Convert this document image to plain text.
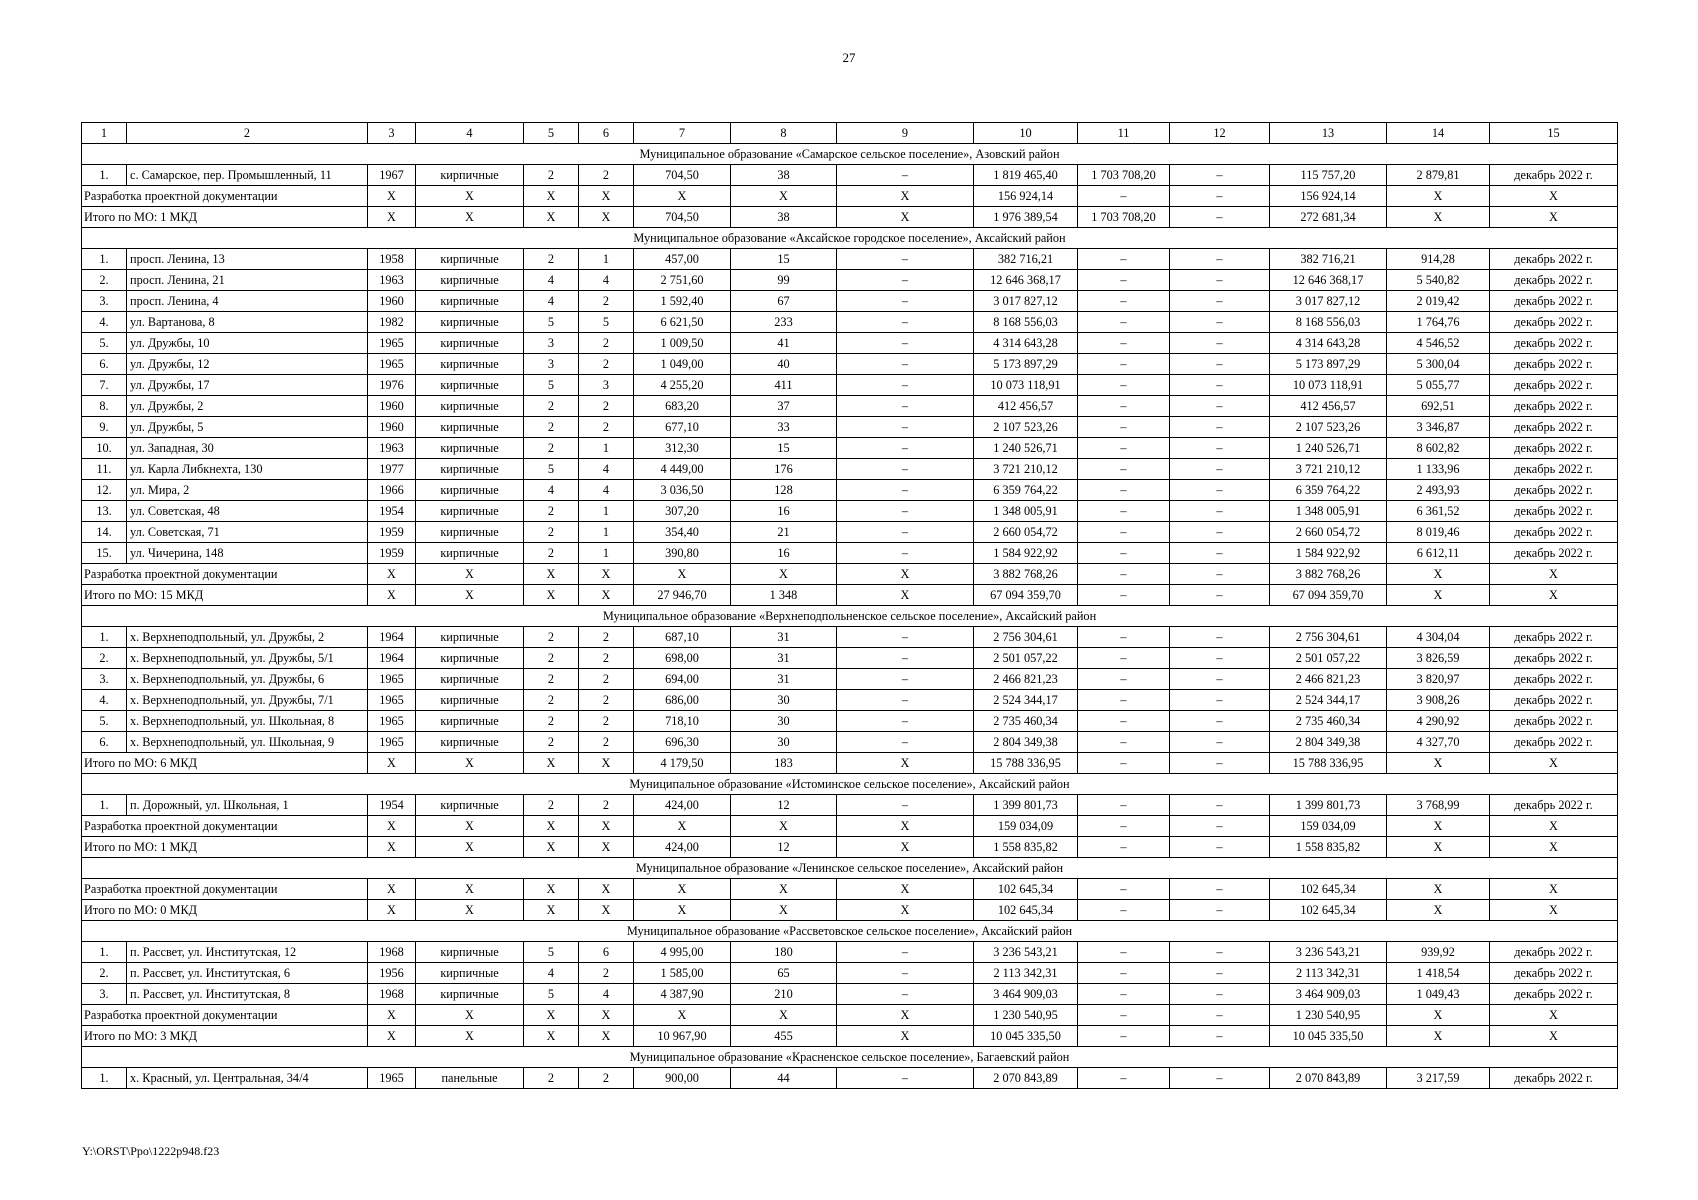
27
1	2	3	4	5	6	7	8	9	10	11	12	13	14	15
Муниципальное образование «Самарское сельское поселение», Азовский район														
1.	с. Самарское, пер. Промышленный, 11	1967	кирпичные	2	2	704,50	38	–	1 819 465,40	1 703 708,20	–	115 757,20	2 879,81	декабрь 2022 г.
Разработка проектной документации		X	X	X	X	X	X	X	156 924,14	–	–	156 924,14	X	X
Итого по МО: 1 МКД		X	X	X	X	704,50	38	X	1 976 389,54	1 703 708,20	–	272 681,34	X	X
Муниципальное образование «Аксайское городское поселение», Аксайский район														
1.	просп. Ленина, 13	1958	кирпичные	2	1	457,00	15	–	382 716,21	–	–	382 716,21	914,28	декабрь 2022 г.
2.	просп. Ленина, 21	1963	кирпичные	4	4	2 751,60	99	–	12 646 368,17	–	–	12 646 368,17	5 540,82	декабрь 2022 г.
3.	просп. Ленина, 4	1960	кирпичные	4	2	1 592,40	67	–	3 017 827,12	–	–	3 017 827,12	2 019,42	декабрь 2022 г.
4.	ул. Вартанова, 8	1982	кирпичные	5	5	6 621,50	233	–	8 168 556,03	–	–	8 168 556,03	1 764,76	декабрь 2022 г.
5.	ул. Дружбы, 10	1965	кирпичные	3	2	1 009,50	41	–	4 314 643,28	–	–	4 314 643,28	4 546,52	декабрь 2022 г.
6.	ул. Дружбы, 12	1965	кирпичные	3	2	1 049,00	40	–	5 173 897,29	–	–	5 173 897,29	5 300,04	декабрь 2022 г.
7.	ул. Дружбы, 17	1976	кирпичные	5	3	4 255,20	411	–	10 073 118,91	–	–	10 073 118,91	5 055,77	декабрь 2022 г.
8.	ул. Дружбы, 2	1960	кирпичные	2	2	683,20	37	–	412 456,57	–	–	412 456,57	692,51	декабрь 2022 г.
9.	ул. Дружбы, 5	1960	кирпичные	2	2	677,10	33	–	2 107 523,26	–	–	2 107 523,26	3 346,87	декабрь 2022 г.
10.	ул. Западная, 30	1963	кирпичные	2	1	312,30	15	–	1 240 526,71	–	–	1 240 526,71	8 602,82	декабрь 2022 г.
11.	ул. Карла Либкнехта, 130	1977	кирпичные	5	4	4 449,00	176	–	3 721 210,12	–	–	3 721 210,12	1 133,96	декабрь 2022 г.
12.	ул. Мира, 2	1966	кирпичные	4	4	3 036,50	128	–	6 359 764,22	–	–	6 359 764,22	2 493,93	декабрь 2022 г.
13.	ул. Советская, 48	1954	кирпичные	2	1	307,20	16	–	1 348 005,91	–	–	1 348 005,91	6 361,52	декабрь 2022 г.
14.	ул. Советская, 71	1959	кирпичные	2	1	354,40	21	–	2 660 054,72	–	–	2 660 054,72	8 019,46	декабрь 2022 г.
15.	ул. Чичерина, 148	1959	кирпичные	2	1	390,80	16	–	1 584 922,92	–	–	1 584 922,92	6 612,11	декабрь 2022 г.
Разработка проектной документации		X	X	X	X	X	X	X	3 882 768,26	–	–	3 882 768,26	X	X
Итого по МО: 15 МКД		X	X	X	X	27 946,70	1 348	X	67 094 359,70	–	–	67 094 359,70	X	X
Муниципальное образование «Верхнеподпольненское сельское поселение», Аксайский район														
1.	х. Верхнеподпольный, ул. Дружбы, 2	1964	кирпичные	2	2	687,10	31	–	2 756 304,61	–	–	2 756 304,61	4 304,04	декабрь 2022 г.
2.	х. Верхнеподпольный, ул. Дружбы, 5/1	1964	кирпичные	2	2	698,00	31	–	2 501 057,22	–	–	2 501 057,22	3 826,59	декабрь 2022 г.
3.	х. Верхнеподпольный, ул. Дружбы, 6	1965	кирпичные	2	2	694,00	31	–	2 466 821,23	–	–	2 466 821,23	3 820,97	декабрь 2022 г.
4.	х. Верхнеподпольный, ул. Дружбы, 7/1	1965	кирпичные	2	2	686,00	30	–	2 524 344,17	–	–	2 524 344,17	3 908,26	декабрь 2022 г.
5.	х. Верхнеподпольный, ул. Школьная, 8	1965	кирпичные	2	2	718,10	30	–	2 735 460,34	–	–	2 735 460,34	4 290,92	декабрь 2022 г.
6.	х. Верхнеподпольный, ул. Школьная, 9	1965	кирпичные	2	2	696,30	30	–	2 804 349,38	–	–	2 804 349,38	4 327,70	декабрь 2022 г.
Итого по МО: 6 МКД		X	X	X	X	4 179,50	183	X	15 788 336,95	–	–	15 788 336,95	X	X
Муниципальное образование «Истоминское сельское поселение», Аксайский район														
1.	п. Дорожный, ул. Школьная, 1	1954	кирпичные	2	2	424,00	12	–	1 399 801,73	–	–	1 399 801,73	3 768,99	декабрь 2022 г.
Разработка проектной документации		X	X	X	X	X	X	X	159 034,09	–	–	159 034,09	X	X
Итого по МО: 1 МКД		X	X	X	X	424,00	12	X	1 558 835,82	–	–	1 558 835,82	X	X
Муниципальное образование «Ленинское сельское поселение», Аксайский район														
Разработка проектной документации		X	X	X	X	X	X	X	102 645,34	–	–	102 645,34	X	X
Итого по МО: 0 МКД		X	X	X	X	X	X	X	102 645,34	–	–	102 645,34	X	X
Муниципальное образование «Рассветовское сельское поселение», Аксайский район														
1.	п. Рассвет, ул. Институтская, 12	1968	кирпичные	5	6	4 995,00	180	–	3 236 543,21	–	–	3 236 543,21	939,92	декабрь 2022 г.
2.	п. Рассвет, ул. Институтская, 6	1956	кирпичные	4	2	1 585,00	65	–	2 113 342,31	–	–	2 113 342,31	1 418,54	декабрь 2022 г.
3.	п. Рассвет, ул. Институтская, 8	1968	кирпичные	5	4	4 387,90	210	–	3 464 909,03	–	–	3 464 909,03	1 049,43	декабрь 2022 г.
Разработка проектной документации		X	X	X	X	X	X	X	1 230 540,95	–	–	1 230 540,95	X	X
Итого по МО: 3 МКД		X	X	X	X	10 967,90	455	X	10 045 335,50	–	–	10 045 335,50	X	X
Муниципальное образование «Красненское сельское поселение», Багаевский район														
1.	х. Красный, ул. Центральная, 34/4	1965	панельные	2	2	900,00	44	–	2 070 843,89	–	–	2 070 843,89	3 217,59	декабрь 2022 г.
Y:\ORST\Ppo\1222p948.f23
